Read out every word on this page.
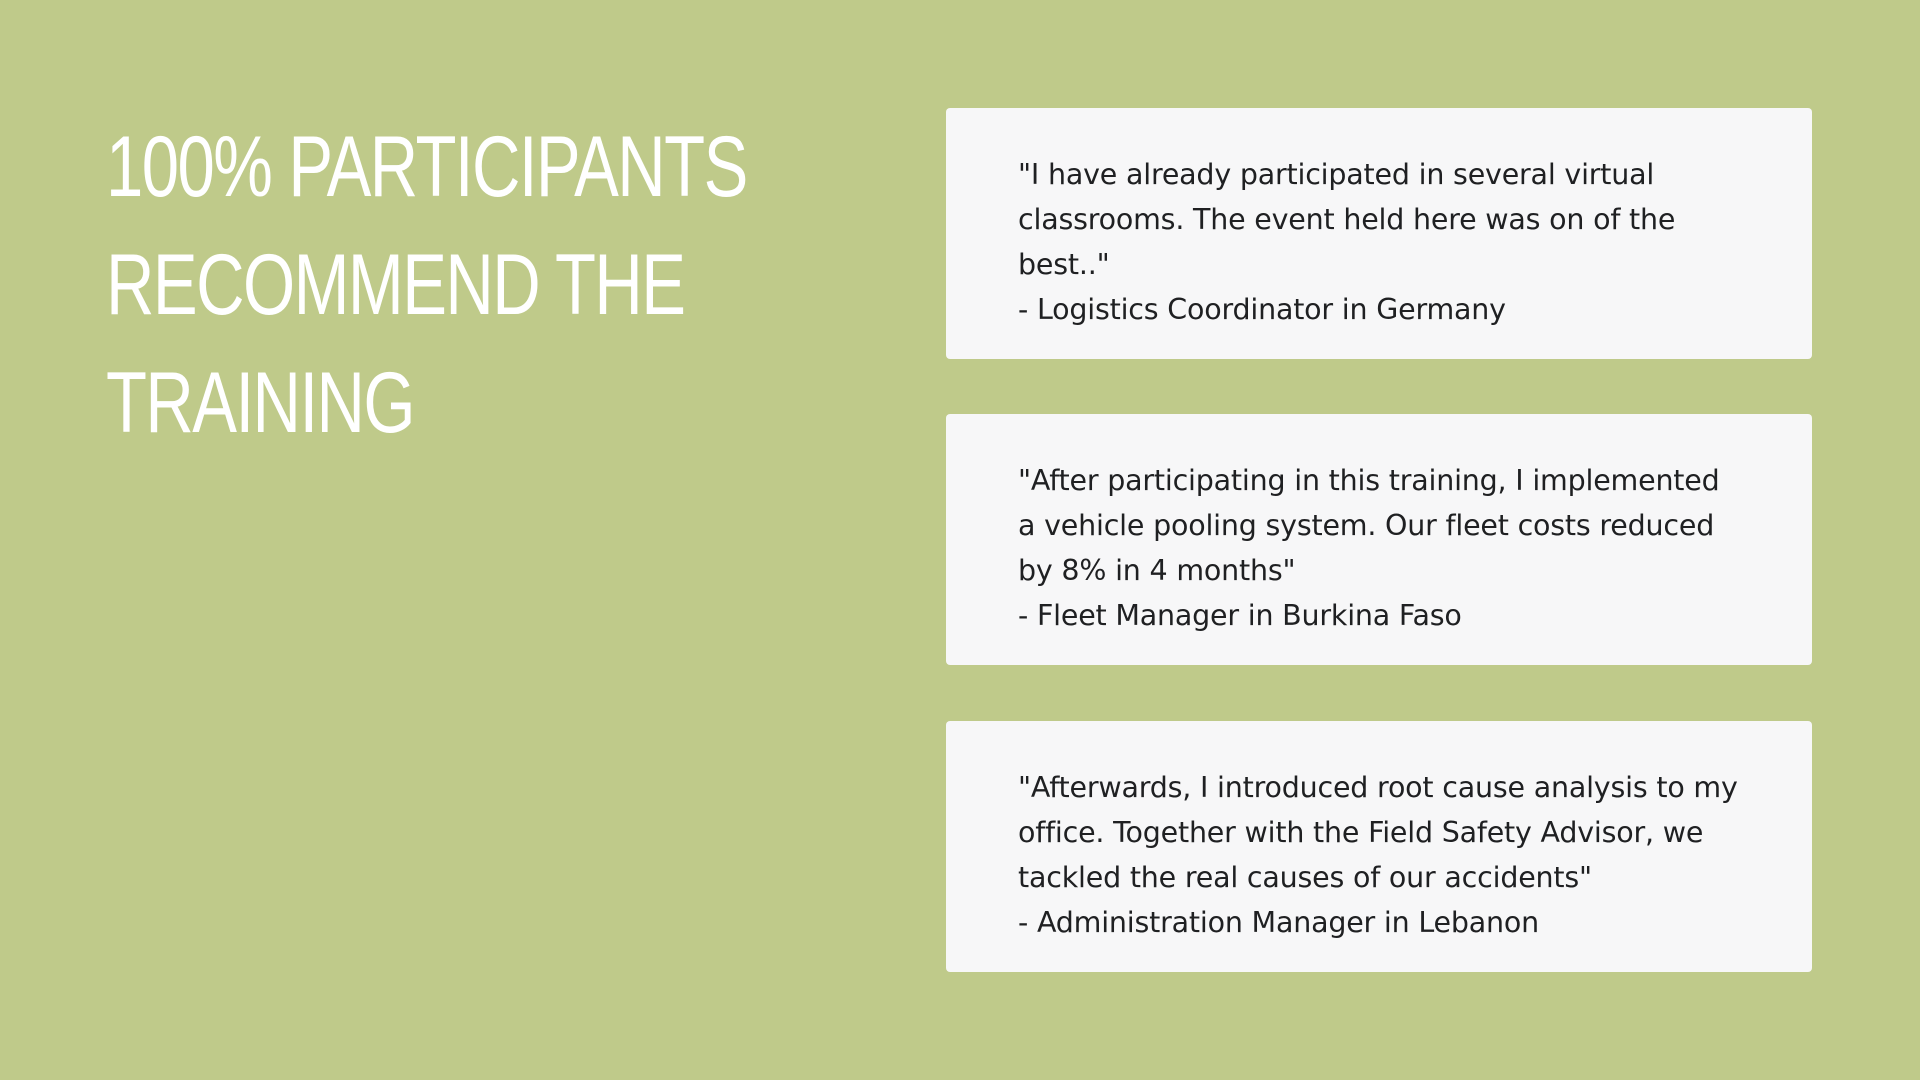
100% PARTICIPANTS
RECOMMEND THE
TRAINING

"I have already participated in several virtual classrooms. The event held here was on of the best.."

- Logistics Coordinator in Germany

"After participating in this training, I implemented a vehicle pooling system. Our fleet costs reduced by 8% in 4 months"

- Fleet Manager in Burkina Faso

"Afterwards, I introduced root cause analysis to my office. Together with the Field Safety Advisor, we tackled the real causes of our accidents"

- Administration Manager in Lebanon
